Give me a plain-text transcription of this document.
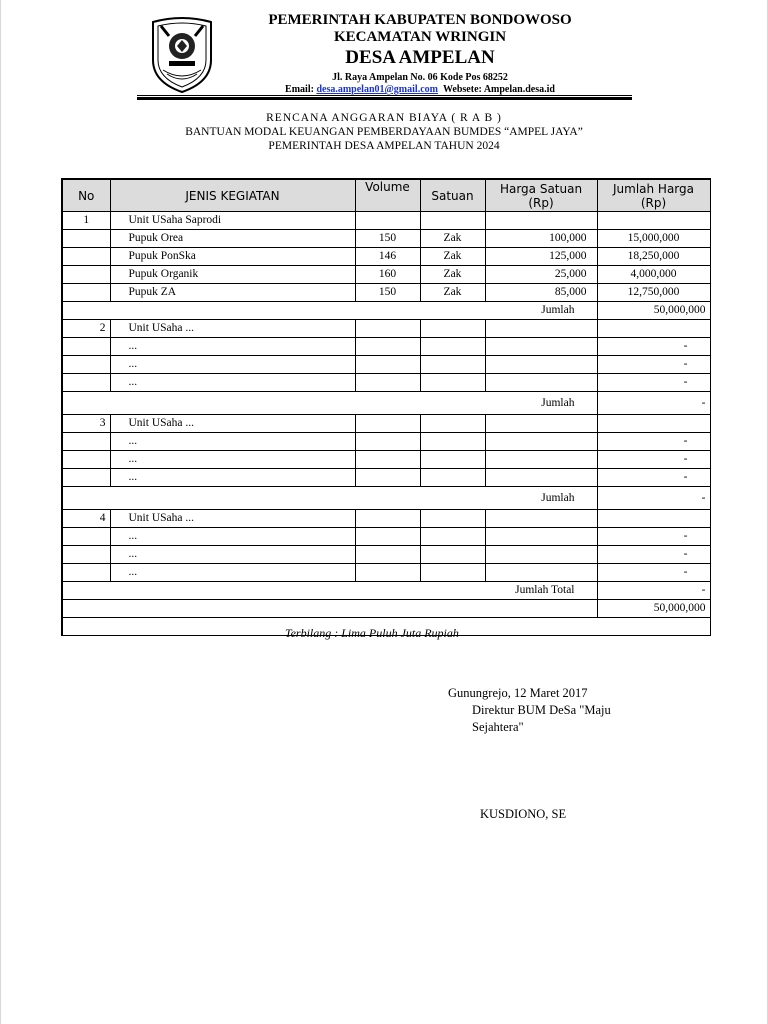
PEMERINTAH KABUPATEN BONDOWOSO
KECAMATAN WRINGIN
DESA AMPELAN
Jl. Raya Ampelan No. 06 Kode Pos 68252
Email: desa.ampelan01@gmail.com Websete: Ampelan.desa.id
RENCANA ANGGARAN BIAYA ( R A B )
BANTUAN MODAL KEUANGAN PEMBERDAYAAN BUMDES “AMPEL JAYA”
PEMERINTAH DESA AMPELAN TAHUN 2024
No	JENIS KEGIATAN	Volume	Satuan	Harga Satuan (Rp)	Jumlah Harga (Rp)
1	Unit USaha Saprodi				
	Pupuk Orea	150	Zak	100,000	15,000,000
	Pupuk PonSka	146	Zak	125,000	18,250,000
	Pupuk Organik	160	Zak	25,000	4,000,000
	Pupuk ZA	150	Zak	85,000	12,750,000
Jumlah					50,000,000
2	Unit USaha ...				
	...				-
	...				-
	...				-
Jumlah					-
3	Unit USaha ...				
	...				-
	...				-
	...				-
Jumlah					-
4	Unit USaha ...				
	...				-
	...				-
	...				-
Jumlah Total					-
					50,000,000

Terbilang : Lima Puluh Juta Rupiah
Gunungrejo, 12 Maret 2017
Direktur BUM DeSa "Maju
Sejahtera"
KUSDIONO, SE
